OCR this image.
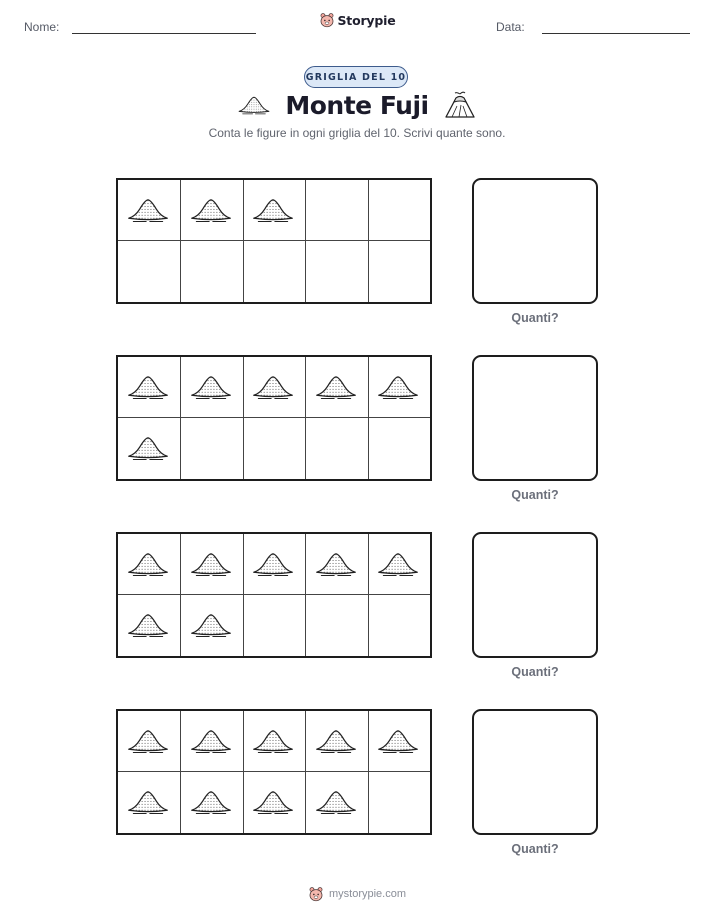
Nome:	Storypie	Data:
GRIGLIA DEL 10
Monte Fuji
Conta le figure in ogni griglia del 10. Scrivi quante sono.
Quanti?
Quanti?
Quanti?
Quanti?
mystorypie.com
